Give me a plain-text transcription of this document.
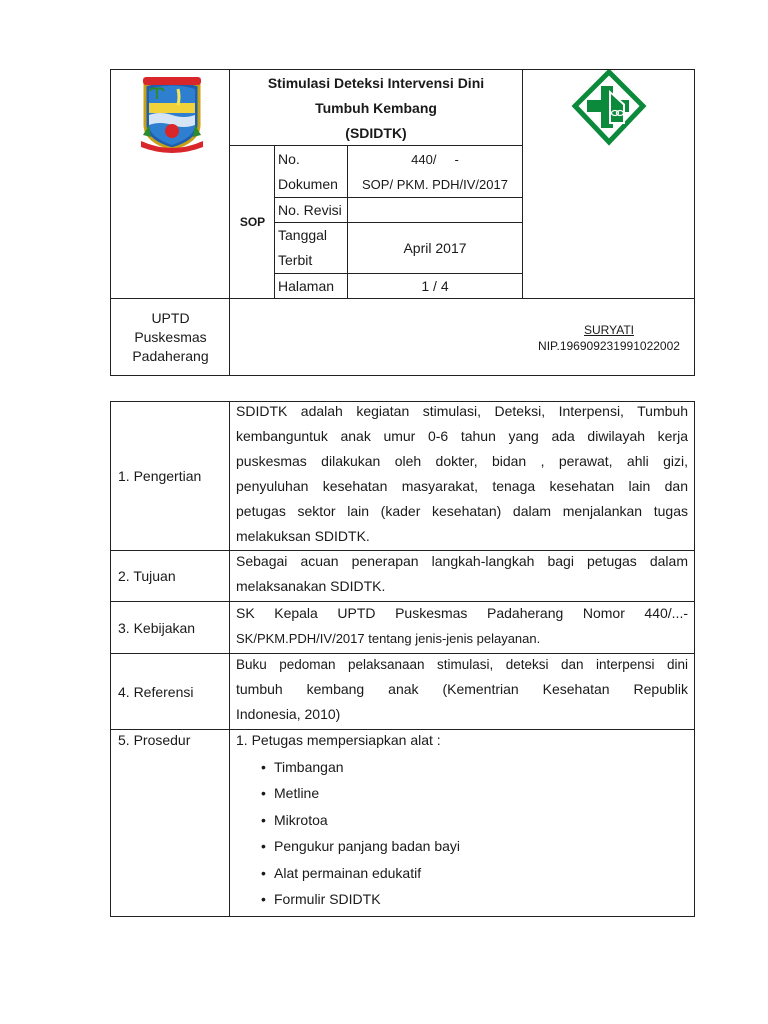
Stimulasi Deteksi Intervensi Dini
Tumbuh Kembang
(SDIDTK)
SOP
No.
Dokumen
440/     -
SOP/ PKM. PDH/IV/2017
No. Revisi
Tanggal
Terbit
April 2017
Halaman	1 / 4
UPTD
Puskesmas
Padaherang
SURYATI
NIP.196909231991022002
1. Pengertian
SDIDTK adalah kegiatan stimulasi, Deteksi, Interpensi, Tumbuh
kembanguntuk anak umur 0-6 tahun yang ada diwilayah kerja
puskesmas dilakukan oleh dokter, bidan , perawat, ahli gizi,
penyuluhan kesehatan masyarakat, tenaga kesehatan lain dan
petugas sektor lain (kader kesehatan) dalam menjalankan tugas
melakuksan SDIDTK.
2. Tujuan
Sebagai acuan penerapan langkah-langkah bagi petugas dalam
melaksanakan SDIDTK.
3. Kebijakan
SK Kepala UPTD Puskesmas Padaherang Nomor 440/...-
SK/PKM.PDH/IV/2017 tentang jenis-jenis pelayanan.
4. Referensi
Buku pedoman pelaksanaan stimulasi, deteksi dan interpensi dini
tumbuh kembang anak (Kementrian Kesehatan Republik
Indonesia, 2010)
5. Prosedur	1. Petugas mempersiapkan alat :
• Timbangan
• Metline
• Mikrotoa
• Pengukur panjang badan bayi
• Alat permainan edukatif
• Formulir SDIDTK
